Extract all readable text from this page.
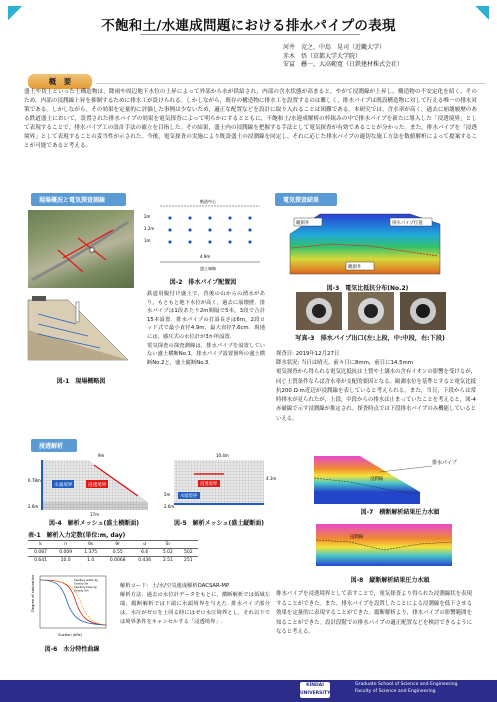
不飽和土/水連成問題における排水パイプの表現
河井　克之，中島　晃司（近畿大学）
赤木　悟（京都大学大学院）
安冨　懸一，大高範寛（日鉄建材株式会社）
概　要
盛土や切土といった土構造物は，降雨や周辺地下水位の上昇によって外部から水が供給され，内部の含水状態が高まると，やがて浸潤線が上昇し，構造物の不安定化を招く。そのため，内部の浸潤線上昇を抑制するために排水工が設けられる。しかしながら，既存の構造物に排水工を設置するのは難しく，排水パイプは既設構造物に対して行える唯一の排水対策である。しかしながら，その効果を定量的に評価した事例は少ないため，適正な配置などを設計に取り入れることは困難である。本研究では，含水率が高く，過去に崩壊履歴のある鉄道盛土において，設置された排水パイプの効果を電気探査によって明らかにするとともに，不飽和土/水連成解析の枠組みの中で排水パイプを新たに導入した「浸透境界」として表現することで，排水パイプ工の設計手法の確立を目指した。その結果，盛土内の浸潤線を把握する手法として電気探査が有効であることが分かった。また，排水パイプを「浸透境界」として表現することの妥当性が示された。今後，電気探査の実施により既設盛土の浸潤線を同定し，それに応じた排水パイプの適切な施工方法を数値解析によって提案することが可能であると考える。
現場概況と電気探査測線
図-1　現場概略図
軌道中心
2m
1.2m
1m
4.9m
盛土端線
図-2　排水パイプ配置図
鉄道用腹付け盛土で，背後の山からの湧水があり，もともと地下水位が高く，過去に崩壊歴．排水パイプは1段あたり2m間隔で5本，3段で合計15本設置．排水パイプの打設長さは6m，2段ロッド式で最小直径4.9m，最大直径7.6cm．現地には，感圧式の水位計が3か所設置．
電気探査の探査測線は，排水パイプを設置していない盛土横断No.1，排水パイプ設置箇所の盛土横断No.2と，盛土縦断No.3．
電気探査結果
観測井	排水パイプ位置
観測井
図-3　電気比抵抗分布(No.2)
写真-3　排水パイプ出口(左:上段，中:中段，右:下段)
探査日: 2019年12月27日
降水状況: 当日は晴天，前々日に8mm，前日に14.5mm
電気探査から得られる電気比抵抗は土質や土壌水の含有イオンの影響を受けるが，同じ土質条件ならば含水率が支配的要因となる。観測水位を基準とすると電気比抵抗200 Ω·m近辺が浸潤線を表していると考えられる。また，当日，下段からは常時排水が見られたが，上段，中段からの排水は止まっていたことを考えると，図-4赤破線で示す浸潤線が推定され，探査時点では下段排水パイプのみ機能しているといえる。
浸透解析
水頭境界	浸透境界
9m
6.78m
2.6m
17m
図-4　解析メッシュ(盛土横断面)
浸透境界
水頭境界
10.4m
4.1m
5m
2.6m
図-5　解析メッシュ(盛土縦断面)
表-1　解析入力定数(単位:m, day)
k	n	θs	θr	α	Sr	
0.087	0.009	1.375	0.55	6.6	5.02	502
0.641	10.0	1.0	0.0068	0.436	2.51	251
Suction (kPa)
Degree of saturation	Capillary water Sg
Gravity Sw
Capillary base Sg
Gravity Sm
図-6　水分特性曲線
解析コード：土/水/空気連成解析DACSAR-MP
解析方法：過去の水位計データをもとに，横断解析では領域左端，縦断解析では下端に水頭境界を与えた. 排水パイプ部分は，水圧がゼロを上回る時にはゼロ水圧境界とし，それ以下では境界条件をキャンセルする「浸透境界」.
排水パイプ
浸潤線
図-7　横断解析結果圧力水頭
浸潤線
図-8　縦断解析結果圧力水頭
排水パイプを浸透境界として表すことで，電気探査より得られた浸潤線状を表現することができた。また，排水パイプを設置したことによる浸潤線を低下させる効果を定量的に表現することができた。縦断解析より，排水パイプの影響範囲を知ることができた。設計段階での排水パイプの適正配置などを検討できるようになると考える。
KINDAI UNIVERSITY
Graduate School of Science and Engineering
Faculty of Science and Engineering
